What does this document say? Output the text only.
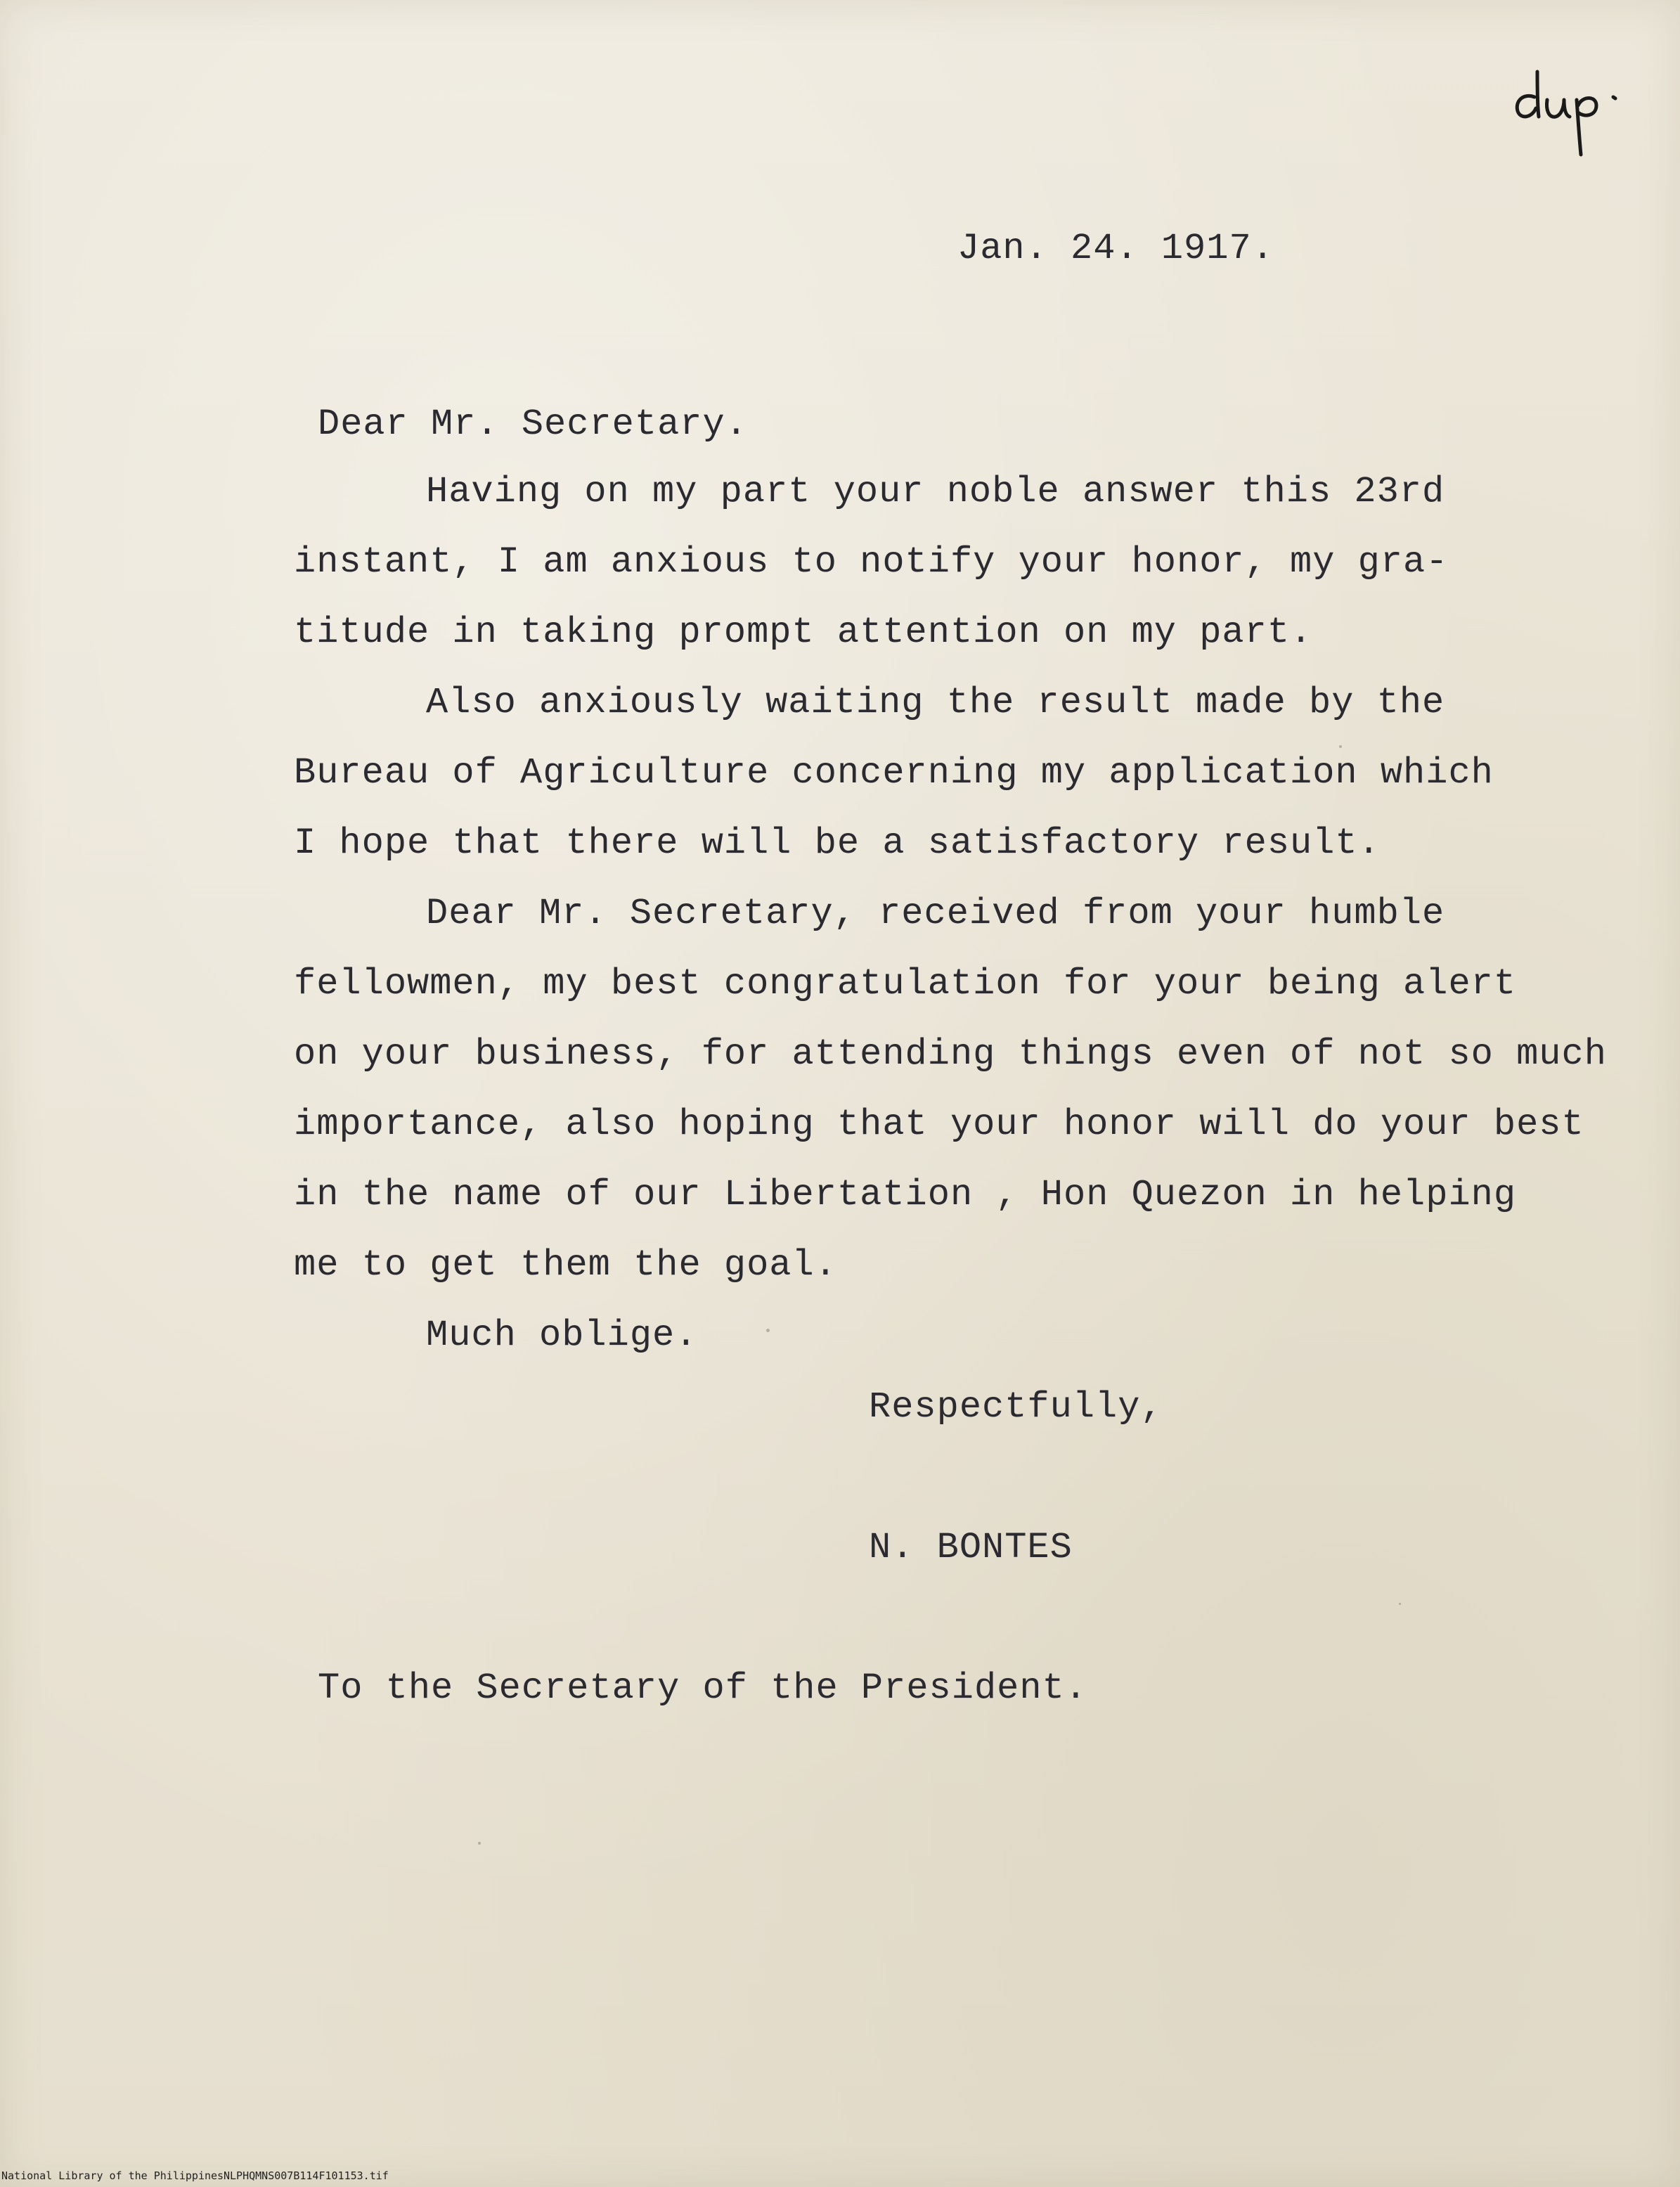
Jan. 24. 1917.
Dear Mr. Secretary.
Having on my part your noble answer this 23rd
instant, I am anxious to notify your honor, my gra-
titude in taking prompt attention on my part.
Also anxiously waiting the result made by the
Bureau of Agriculture concerning my application which
I hope that there will be a satisfactory result.
Dear Mr. Secretary, received from your humble
fellowmen, my best congratulation for your being alert
on your business, for attending things even of not so much
importance, also hoping that your honor will do your best
in the name of our Libertation , Hon Quezon in helping
me to get them the goal.
Much oblige.
Respectfully,
N. BONTES
To the Secretary of the President.
National Library of the Philippines NLPHQMNS007B114F101153.tif
